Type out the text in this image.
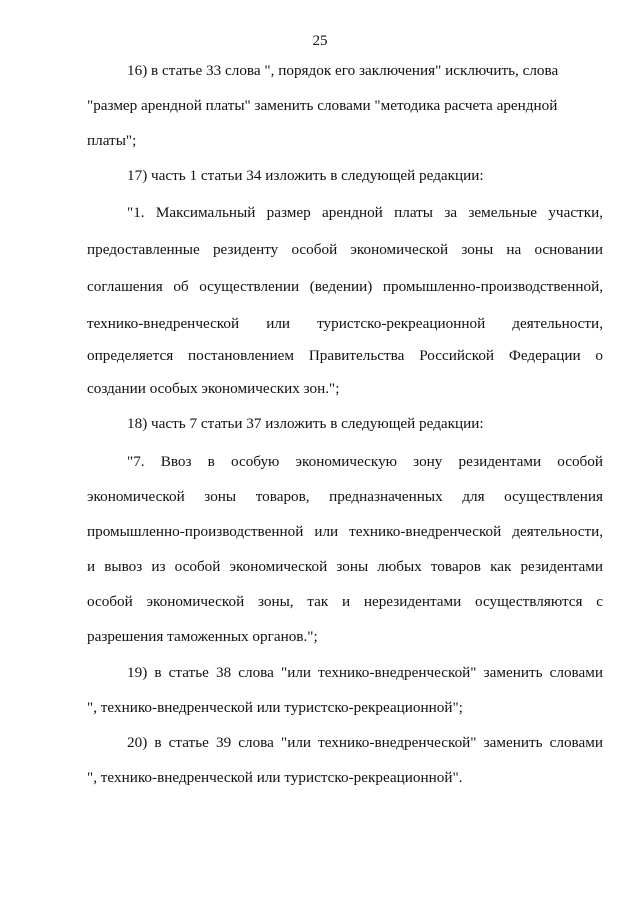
25
16) в статье 33 слова ", порядок его заключения" исключить, слова
"размер арендной платы" заменить словами "методика расчета арендной
платы";
17) часть 1 статьи 34 изложить в следующей редакции:
"1. Максимальный размер арендной платы за земельные участки,
предоставленные резиденту особой экономической зоны на основании
соглашения об осуществлении (ведении) промышленно-производственной,
технико-внедренческой или туристско-рекреационной деятельности,
определяется постановлением Правительства Российской Федерации о
создании особых экономических зон.";
18) часть 7 статьи 37 изложить в следующей редакции:
"7. Ввоз в особую экономическую зону резидентами особой
экономической зоны товаров, предназначенных для осуществления
промышленно-производственной или технико-внедренческой деятельности,
и вывоз из особой экономической зоны любых товаров как резидентами
особой экономической зоны, так и нерезидентами осуществляются с
разрешения таможенных органов.";
19) в статье 38 слова "или технико-внедренческой" заменить словами
", технико-внедренческой или туристско-рекреационной";
20) в статье 39 слова "или технико-внедренческой" заменить словами
", технико-внедренческой или туристско-рекреационной".
